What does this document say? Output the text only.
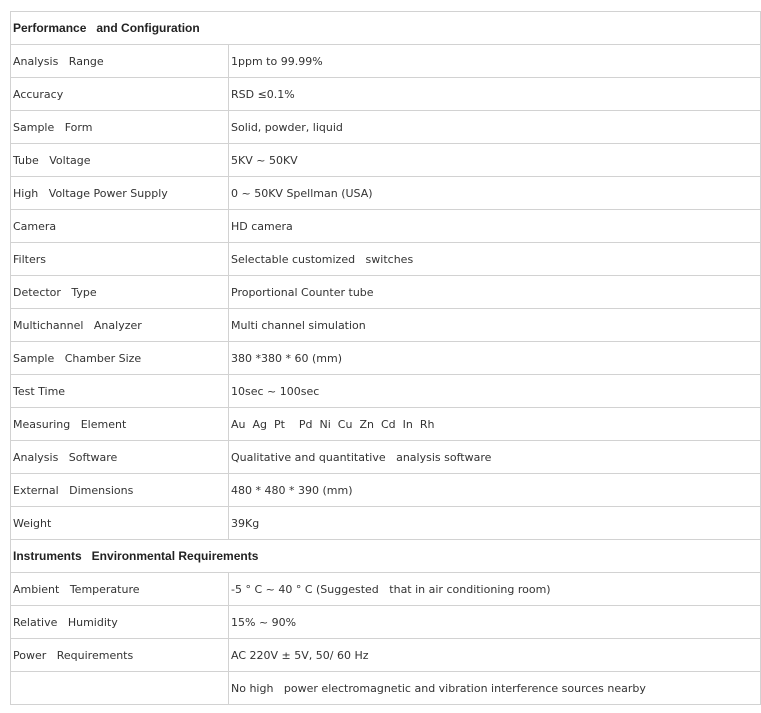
Performance   and Configuration	
Analysis   Range	1ppm to 99.99%
Accuracy	RSD ≤0.1%
Sample   Form	Solid, powder, liquid
Tube   Voltage	5KV ~ 50KV
High   Voltage Power Supply	0 ~ 50KV Spellman (USA)
Camera	HD camera
Filters	Selectable customized   switches
Detector   Type	Proportional Counter tube
Multichannel   Analyzer	Multi channel simulation
Sample   Chamber Size	380 *380 * 60 (mm)
Test Time	10sec ~ 100sec
Measuring   Element	Au  Ag  Pt    Pd  Ni  Cu  Zn  Cd  In  Rh
Analysis   Software	Qualitative and quantitative   analysis software
External   Dimensions	480 * 480 * 390 (mm)
Weight	39Kg
Instruments   Environmental Requirements	
Ambient   Temperature	-5 ° C ~ 40 ° C (Suggested   that in air conditioning room)
Relative   Humidity	15% ~ 90%
Power   Requirements	AC 220V ± 5V, 50/ 60 Hz
	No high   power electromagnetic and vibration interference sources nearby
